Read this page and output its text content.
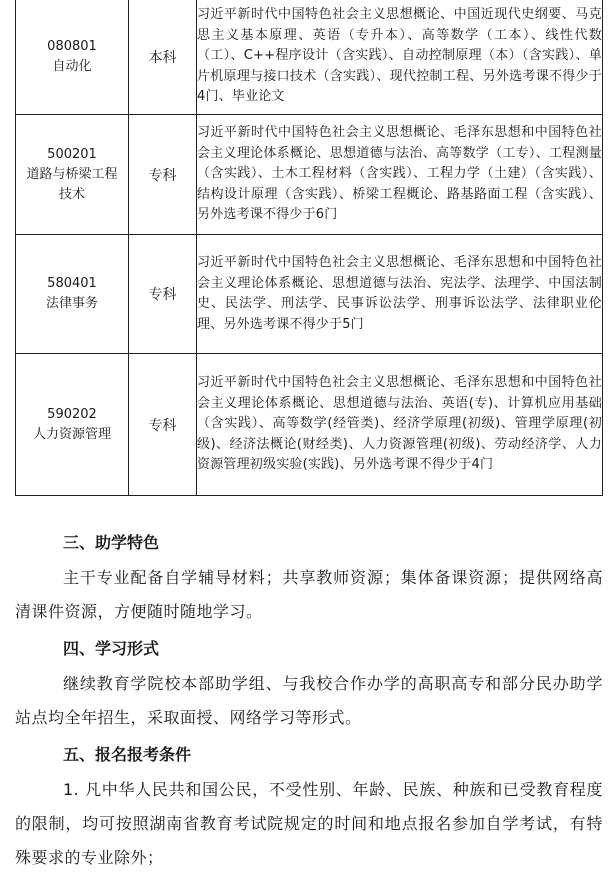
080801
自动化	本科	习近平新时代中国特色社会主义思想概论、中国近现代史纲要、马克思主义基本原理、英语（专升本）、高等数学（工本）、线性代数（工）、C++程序设计（含实践）、自动控制原理（本）（含实践）、单片机原理与接口技术（含实践）、现代控制工程、另外选考课不得少于4门、毕业论文

500201
道路与桥梁工程技术	专科	习近平新时代中国特色社会主义思想概论、毛泽东思想和中国特色社会主义理论体系概论、思想道德与法治、高等数学（工专）、工程测量（含实践）、土木工程材料（含实践）、工程力学（土建）（含实践）、结构设计原理（含实践）、桥梁工程概论、路基路面工程（含实践）、另外选考课不得少于6门

580401
法律事务	专科	习近平新时代中国特色社会主义思想概论、毛泽东思想和中国特色社会主义理论体系概论、思想道德与法治、宪法学、法理学、中国法制史、民法学、刑法学、民事诉讼法学、刑事诉讼法学、法律职业伦理、另外选考课不得少于5门

590202
人力资源管理	专科	习近平新时代中国特色社会主义思想概论、毛泽东思想和中国特色社会主义理论体系概论、思想道德与法治、英语(专)、计算机应用基础（含实践）、高等数学(经管类)、经济学原理(初级)、管理学原理(初级)、经济法概论(财经类)、人力资源管理(初级)、劳动经济学、人力资源管理初级实验(实践)、另外选考课不得少于4门
三、助学特色
主干专业配备自学辅导材料；共享教师资源；集体备课资源；提供网络高清课件资源，方便随时随地学习。
四、学习形式
继续教育学院校本部助学组、与我校合作办学的高职高专和部分民办助学站点均全年招生，采取面授、网络学习等形式。
五、报名报考条件
1. 凡中华人民共和国公民，不受性别、年龄、民族、种族和已受教育程度的限制，均可按照湖南省教育考试院规定的时间和地点报名参加自学考试，有特殊要求的专业除外；
